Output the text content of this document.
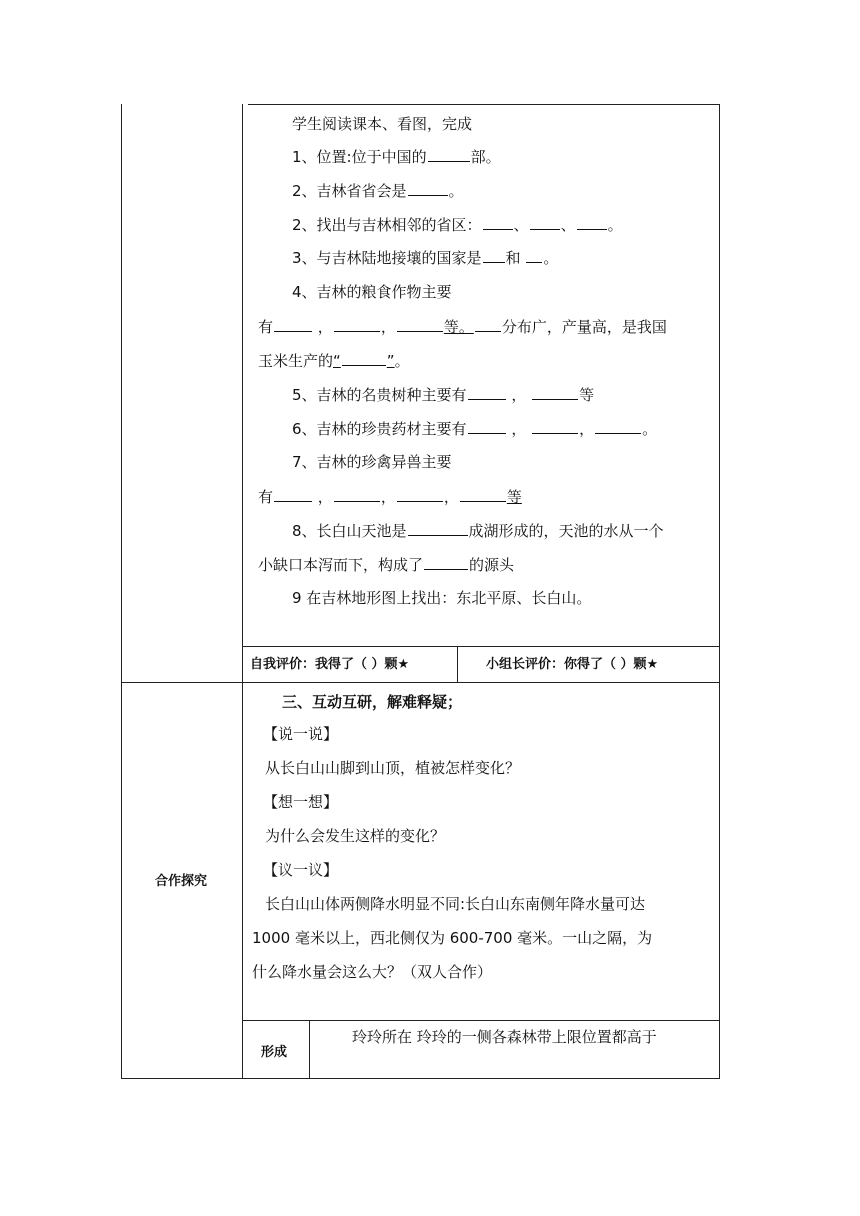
学生阅读课本、看图，完成
1、位置:位于中国的	部。
2、吉林省省会是	。
2、找出与吉林相邻的省区： 、 、 。
3、与吉林陆地接壤的国家是 和 。
4、吉林的粮食作物主要
有	，	，	等。 分布广，产量高，是我国
玉米生产的“	”。
5、吉林的名贵树种主要有	，	等
6、吉林的珍贵药材主要有	，	，	。
7、吉林的珍禽异兽主要
有	，	，	，	等
8、长白山天池是	成湖形成的，天池的水从一个
小缺口本泻而下，构成了	的源头
9 在吉林地形图上找出：东北平原、长白山。
自我评价：我得了（ ）颗★	小组长评价：你得了（ ）颗★
合作探究
三、互动互研，解难释疑；
【说一说】
从长白山山脚到山顶，植被怎样变化？
【想一想】
为什么会发生这样的变化？
【议一议】
长白山山体两侧降水明显不同:长白山东南侧年降水量可达
1000 毫米以上，西北侧仅为 600-700 毫米。一山之隔，为
什么降水量会这么大？（双人合作）
形成
玲玲所在 玲玲的一侧各森林带上限位置都高于
